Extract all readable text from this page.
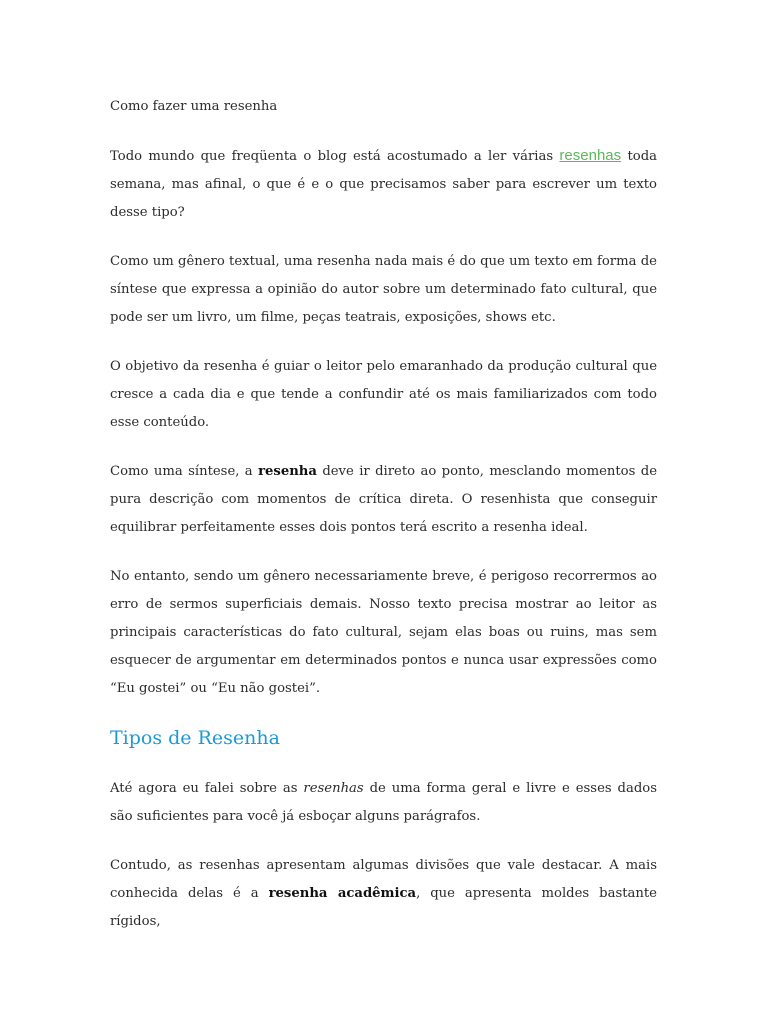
Como fazer uma resenha

Todo mundo que freqüenta o blog está acostumado a ler várias resenhas toda semana, mas afinal, o que é e o que precisamos saber para escrever um texto desse tipo?

Como um gênero textual, uma resenha nada mais é do que um texto em forma de síntese que expressa a opinião do autor sobre um determinado fato cultural, que pode ser um livro, um filme, peças teatrais, exposições, shows etc.

O objetivo da resenha é guiar o leitor pelo emaranhado da produção cultural que cresce a cada dia e que tende a confundir até os mais familiarizados com todo esse conteúdo.

Como uma síntese, a resenha deve ir direto ao ponto, mesclando momentos de pura descrição com momentos de crítica direta. O resenhista que conseguir equilibrar perfeitamente esses dois pontos terá escrito a resenha ideal.

No entanto, sendo um gênero necessariamente breve, é perigoso recorrermos ao erro de sermos superficiais demais. Nosso texto precisa mostrar ao leitor as principais características do fato cultural, sejam elas boas ou ruins, mas sem esquecer de argumentar em determinados pontos e nunca usar expressões como “Eu gostei” ou “Eu não gostei”.

Tipos de Resenha

Até agora eu falei sobre as resenhas de uma forma geral e livre e esses dados são suficientes para você já esboçar alguns parágrafos.

Contudo, as resenhas apresentam algumas divisões que vale destacar. A mais conhecida delas é a resenha acadêmica, que apresenta moldes bastante rígidos,
